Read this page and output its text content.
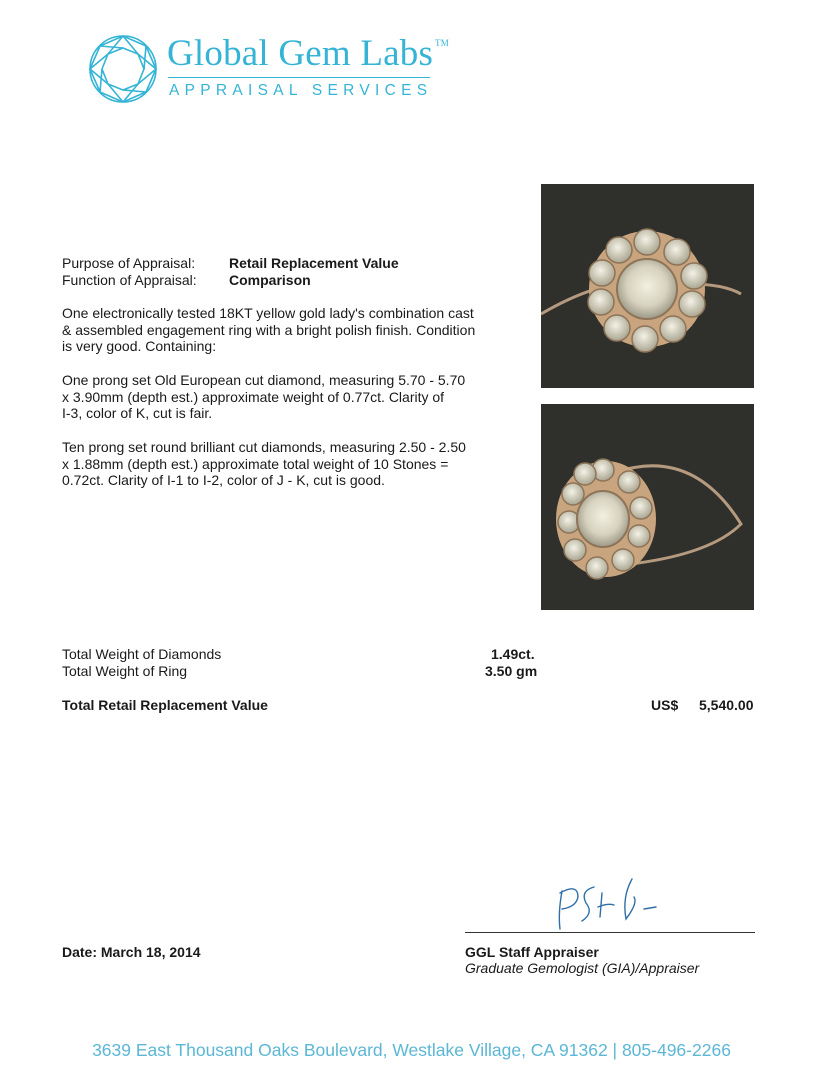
Global Gem Labs ™
APPRAISAL SERVICES
Purpose of Appraisal: Retail Replacement Value
Function of Appraisal: Comparison
One electronically tested 18KT yellow gold lady's combination cast
& assembled engagement ring with a bright polish finish. Condition
is very good. Containing:
One prong set Old European cut diamond, measuring 5.70 - 5.70
x 3.90mm (depth est.) approximate weight of 0.77ct. Clarity of
I-3, color of K, cut is fair.
Ten prong set round brilliant cut diamonds, measuring 2.50 - 2.50
x 1.88mm (depth est.) approximate total weight of 10 Stones =
0.72ct. Clarity of I-1 to I-2, color of J - K, cut is good.
Total Weight of Diamonds	1.49ct.
Total Weight of Ring	3.50 gm
Total Retail Replacement Value	US$ 5,540.00
Date: March 18, 2014	GGL Staff Appraiser
Graduate Gemologist (GIA)/Appraiser
3639 East Thousand Oaks Boulevard, Westlake Village, CA 91362 | 805-496-2266
